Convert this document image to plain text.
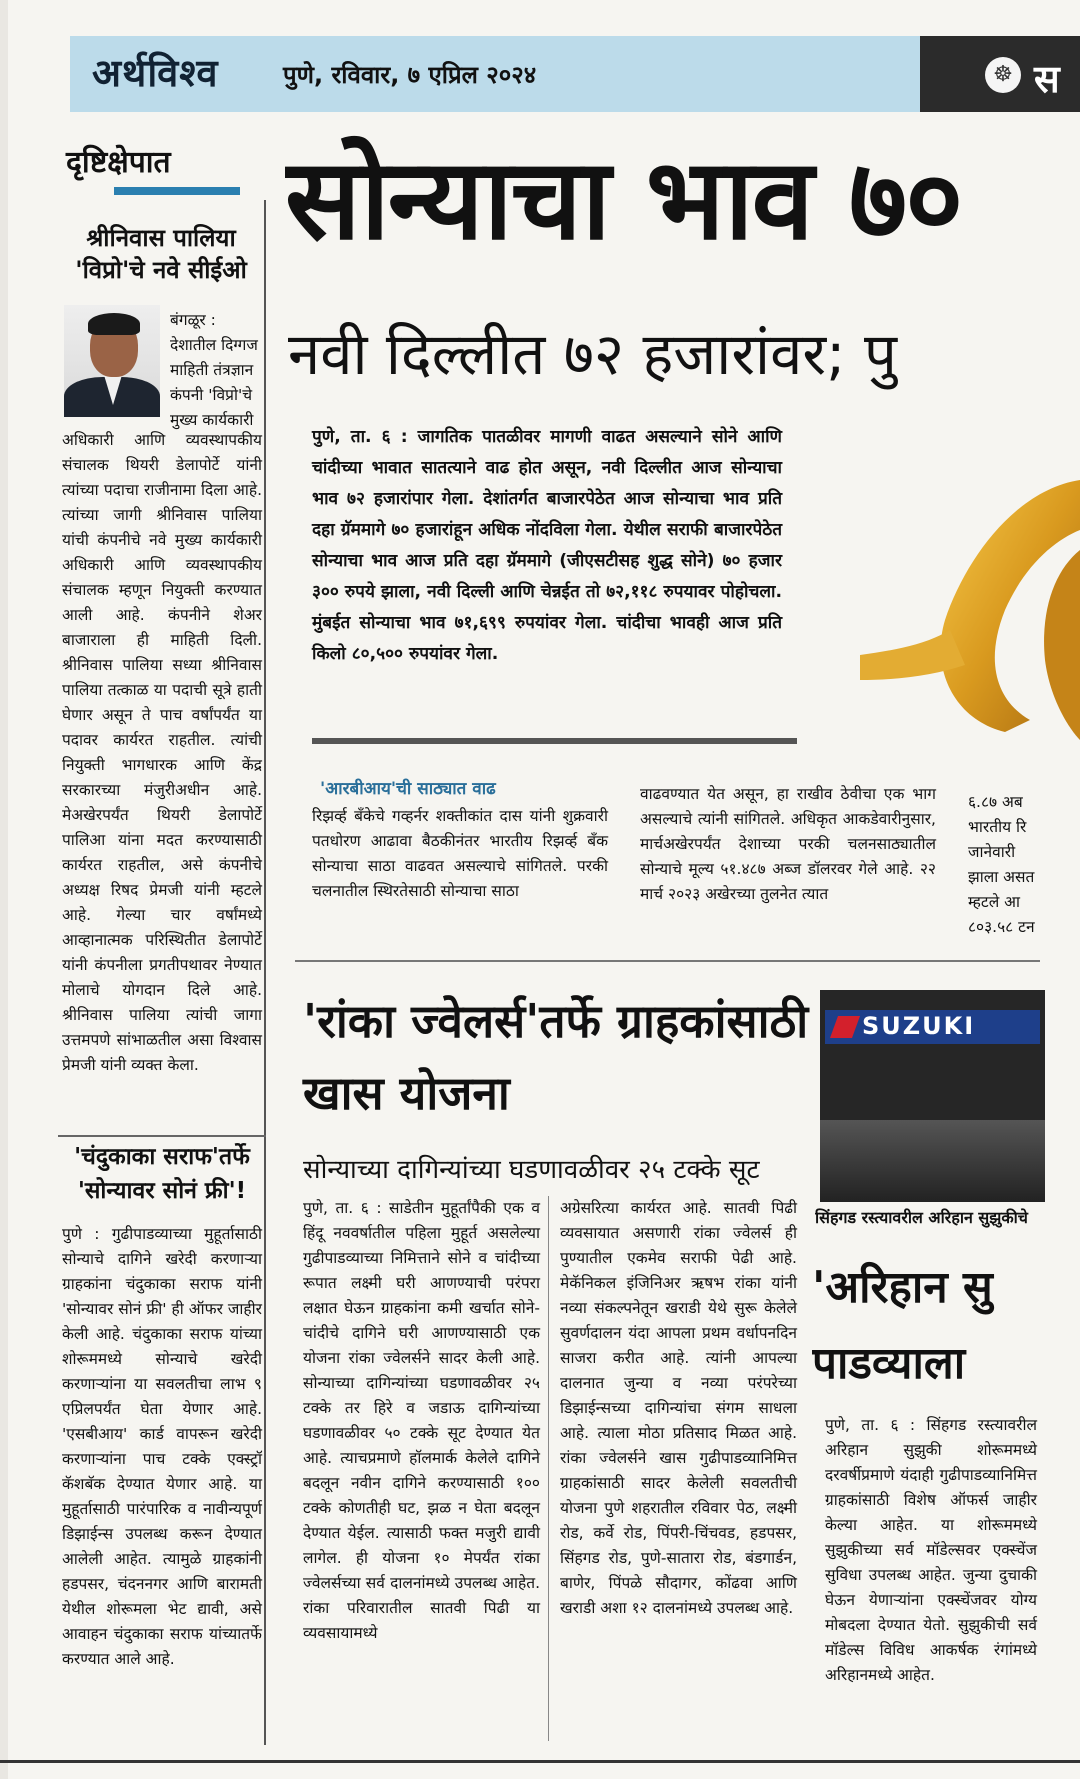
अर्थविश्व	पुणे, रविवार, ७ एप्रिल २०२४	☸ स
दृष्टिक्षेपात
श्रीनिवास पालिया 'विप्रो'चे नवे सीईओ
बंगळूर : देशातील दिग्गज माहिती तंत्रज्ञान कंपनी 'विप्रो'चे मुख्य कार्यकारी
अधिकारी आणि व्यवस्थापकीय संचालक थियरी डेलापोर्टे यांनी त्यांच्या पदाचा राजीनामा दिला आहे. त्यांच्या जागी श्रीनिवास पालिया यांची कंपनीचे नवे मुख्य कार्यकारी अधिकारी आणि व्यवस्थापकीय संचालक म्हणून नियुक्ती करण्यात आली आहे. कंपनीने शेअर बाजाराला ही माहिती दिली. श्रीनिवास पालिया सध्या श्रीनिवास पालिया तत्काळ या पदाची सूत्रे हाती घेणार असून ते पाच वर्षांपर्यंत या पदावर कार्यरत राहतील. त्यांची नियुक्ती भागधारक आणि केंद्र सरकारच्या मंजुरीअधीन आहे. मेअखेरपर्यंत थियरी डेलापोर्टे पालिआ यांना मदत करण्यासाठी कार्यरत राहतील, असे कंपनीचे अध्यक्ष रिषद प्रेमजी यांनी म्हटले आहे. गेल्या चार वर्षांमध्ये आव्हानात्मक परिस्थितीत डेलापोर्टे यांनी कंपनीला प्रगतीपथावर नेण्यात मोलाचे योगदान दिले आहे. श्रीनिवास पालिया त्यांची जागा उत्तमपणे सांभाळतील असा विश्वास प्रेमजी यांनी व्यक्त केला.
'चंदुकाका सराफ'तर्फे 'सोन्यावर सोनं फ्री'!
पुणे : गुढीपाडव्याच्या मुहूर्तासाठी सोन्याचे दागिने खरेदी करणाऱ्या ग्राहकांना चंदुकाका सराफ यांनी 'सोन्यावर सोनं फ्री' ही ऑफर जाहीर केली आहे. चंदुकाका सराफ यांच्या शोरूममध्ये सोन्याचे खरेदी करणाऱ्यांना या सवलतीचा लाभ ९ एप्रिलपर्यंत घेता येणार आहे. 'एसबीआय' कार्ड वापरून खरेदी करणाऱ्यांना पाच टक्के एक्स्ट्रॉ कॅशबॅक देण्यात येणार आहे. या मुहूर्तासाठी पारंपारिक व नावीन्यपूर्ण डिझाईन्स उपलब्ध करून देण्यात आलेली आहेत. त्यामुळे ग्राहकांनी हडपसर, चंदननगर आणि बारामती येथील शोरूमला भेट द्यावी, असे आवाहन चंदुकाका सराफ यांच्यातर्फे करण्यात आले आहे.
सोन्याचा भाव ७०
नवी दिल्लीत ७२ हजारांवर; पु
पुणे, ता. ६ : जागतिक पातळीवर मागणी वाढत असल्याने सोने आणि चांदीच्या भावात सातत्याने वाढ होत असून, नवी दिल्लीत आज सोन्याचा भाव ७२ हजारांपार गेला. देशांतर्गत बाजारपेठेत आज सोन्याचा भाव प्रति दहा ग्रॅममागे ७० हजारांहून अधिक नोंदविला गेला. येथील सराफी बाजारपेठेत सोन्याचा भाव आज प्रति दहा ग्रॅममागे (जीएसटीसह शुद्ध सोने) ७० हजार ३०० रुपये झाला, नवी दिल्ली आणि चेन्नईत तो ७२,११८ रुपयावर पोहोचला. मुंबईत सोन्याचा भाव ७१,६९९ रुपयांवर गेला. चांदीचा भावही आज प्रति किलो ८०,५०० रुपयांवर गेला.
'आरबीआय'ची साठ्यात वाढ
रिझर्व्ह बँकेचे गव्हर्नर शक्तीकांत दास यांनी शुक्रवारी पतधोरण आढावा बैठकीनंतर भारतीय रिझर्व्ह बँक सोन्याचा साठा वाढवत असल्याचे सांगितले. परकी चलनातील स्थिरतेसाठी सोन्याचा साठा
वाढवण्यात येत असून, हा राखीव ठेवीचा एक भाग असल्याचे त्यांनी सांगितले. अधिकृत आकडेवारीनुसार, मार्चअखेरपर्यंत देशाच्या परकी चलनसाठ्यातील सोन्याचे मूल्य ५१.४८७ अब्ज डॉलरवर गेले आहे. २२ मार्च २०२३ अखेरच्या तुलनेत त्यात
६.८७ अब
भारतीय रि
जानेवारी
झाला असत
म्हटले आ
८०३.५८ टन
'रांका ज्वेलर्स'तर्फे ग्राहकांसाठी खास योजना
सोन्याच्या दागिन्यांच्या घडणावळीवर २५ टक्के सूट
पुणे, ता. ६ : साडेतीन मुहूर्तांपैकी एक व हिंदू नववर्षातील पहिला मुहूर्त असलेल्या गुढीपाडव्याच्या निमित्ताने सोने व चांदीच्या रूपात लक्ष्मी घरी आणण्याची परंपरा लक्षात घेऊन ग्राहकांना कमी खर्चात सोने-चांदीचे दागिने घरी आणण्यासाठी एक योजना रांका ज्वेलर्सने सादर केली आहे. सोन्याच्या दागिन्यांच्या घडणावळीवर २५ टक्के तर हिरे व जडाऊ दागिन्यांच्या घडणावळीवर ५० टक्के सूट देण्यात येत आहे. त्याचप्रमाणे हॉलमार्क केलेले दागिने बदलून नवीन दागिने करण्यासाठी १०० टक्के कोणतीही घट, झळ न घेता बदलून देण्यात येईल. त्यासाठी फक्त मजुरी द्यावी लागेल. ही योजना १० मेपर्यंत रांका ज्वेलर्सच्या सर्व दालनांमध्ये उपलब्ध आहेत. रांका परिवारातील सातवी पिढी या व्यवसायामध्ये
अग्रेसरित्या कार्यरत आहे. सातवी पिढी व्यवसायात असणारी रांका ज्वेलर्स ही पुण्यातील एकमेव सराफी पेढी आहे. मेकॅनिकल इंजिनिअर ऋषभ रांका यांनी नव्या संकल्पनेतून खराडी येथे सुरू केलेले सुवर्णदालन यंदा आपला प्रथम वर्धापनदिन साजरा करीत आहे. त्यांनी आपल्या दालनात जुन्या व नव्या परंपरेच्या डिझाईन्सच्या दागिन्यांचा संगम साधला आहे. त्याला मोठा प्रतिसाद मिळत आहे. रांका ज्वेलर्सने खास गुढीपाडव्यानिमित्त ग्राहकांसाठी सादर केलेली सवलतीची योजना पुणे शहरातील रविवार पेठ, लक्ष्मी रोड, कर्वे रोड, पिंपरी-चिंचवड, हडपसर, सिंहगड रोड, पुणे-सातारा रोड, बंडगार्डन, बाणेर, पिंपळे सौदागर, कोंढवा आणि खराडी अशा १२ दालनांमध्ये उपलब्ध आहे.
SUZUKI
सिंहगड रस्त्यावरील अरिहान सुझुकीचे
'अरिहान सु
पाडव्याला
पुणे, ता. ६ : सिंहगड रस्त्यावरील अरिहान सुझुकी शोरूममध्ये दरवर्षीप्रमाणे यंदाही गुढीपाडव्यानिमित्त ग्राहकांसाठी विशेष ऑफर्स जाहीर केल्या आहेत. या शोरूममध्ये सुझुकीच्या सर्व मॉडेल्सवर एक्स्चेंज सुविधा उपलब्ध आहेत. जुन्या दुचाकी घेऊन येणाऱ्यांना एक्स्चेंजवर योग्य मोबदला देण्यात येतो. सुझुकीची सर्व मॉडेल्स विविध आकर्षक रंगांमध्ये अरिहानमध्ये आहेत.
